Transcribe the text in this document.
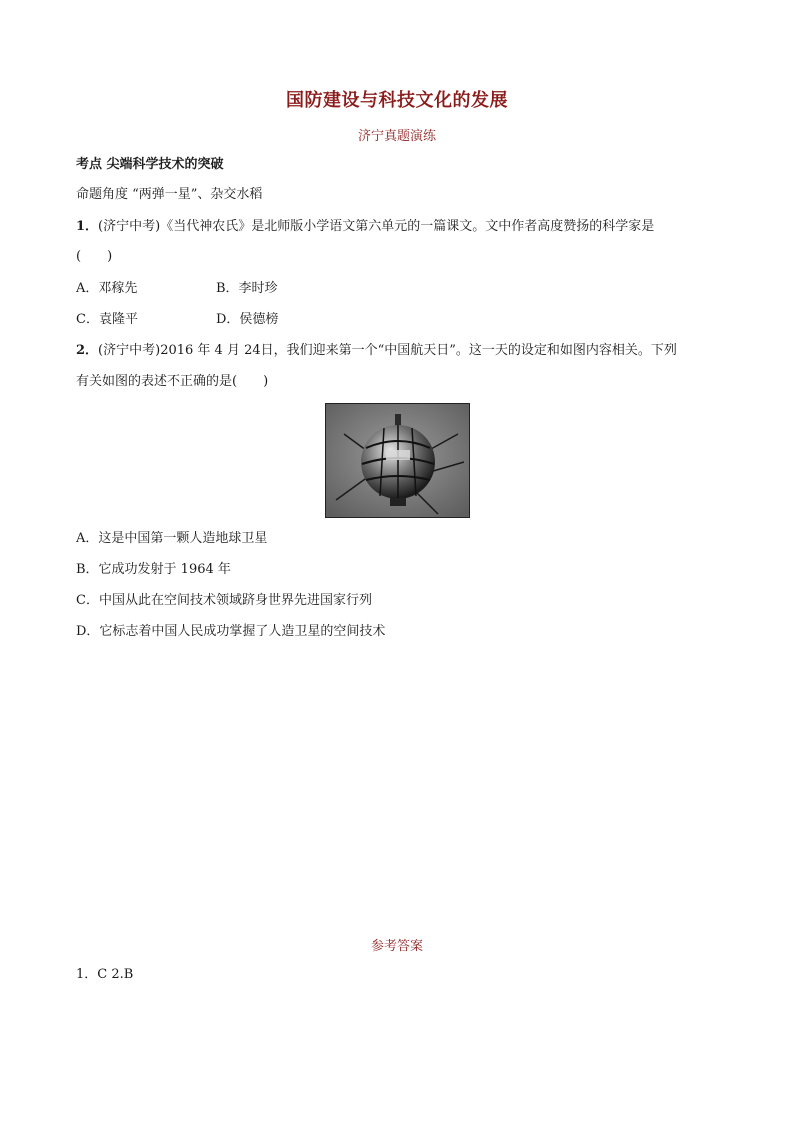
国防建设与科技文化的发展
济宁真题演练
考点 尖端科学技术的突破
命题角度 “两弹一星”、杂交水稻
1．(济宁中考)《当代神农氏》是北师版小学语文第六单元的一篇课文。文中作者高度赞扬的科学家是
(　　)
A．邓稼先	B．李时珍
C．袁隆平	D．侯德榜
2．(济宁中考)2016 年 4 月 24日，我们迎来第一个“中国航天日”。这一天的设定和如图内容相关。下列
有关如图的表述不正确的是(　　)
A．这是中国第一颗人造地球卫星
B．它成功发射于 1964 年
C．中国从此在空间技术领域跻身世界先进国家行列
D．它标志着中国人民成功掌握了人造卫星的空间技术
参考答案
1．C 2.B
